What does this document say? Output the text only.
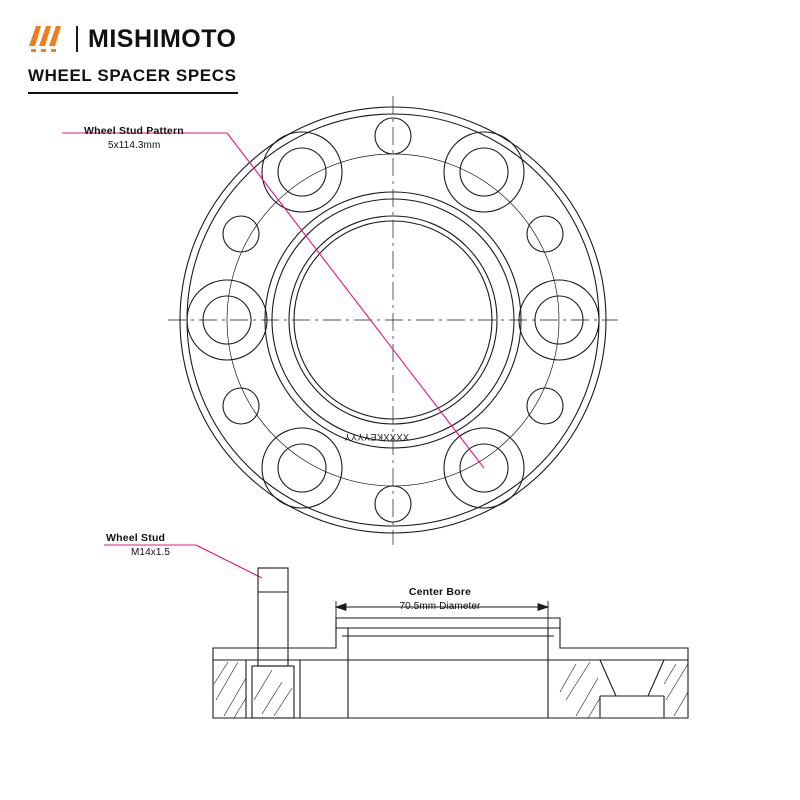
MISHIMOTO
WHEEL SPACER SPECS
Wheel Stud Pattern
5x114.3mm
Wheel Stud
M14x1.5
Center Bore
70.5mm Diameter
XXXXKEYYYY
